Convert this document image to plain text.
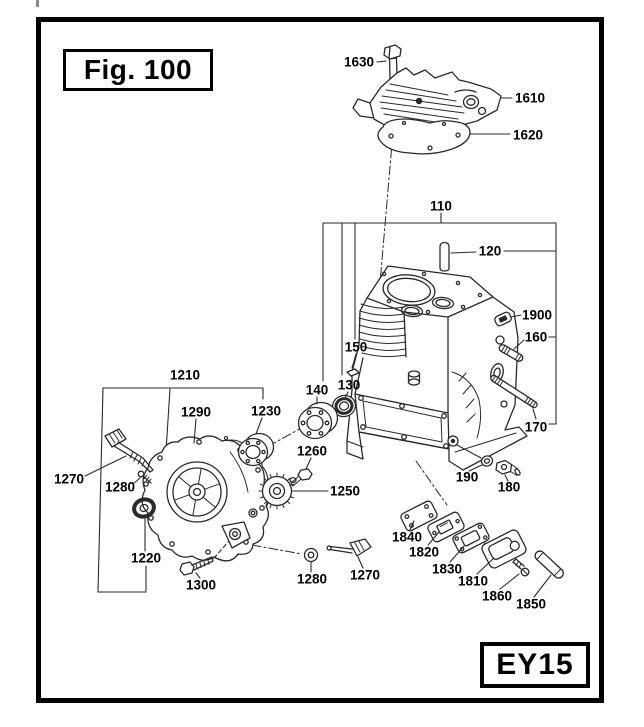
Fig. 100
EY15
1630
1610
1620
110
120
1900
160
170
150
130
140
1210
1290	1230
1260
1250
1270
1280
1220
1300	1280 1270
190
180
1840
1820
1830
1810
1860
1850
